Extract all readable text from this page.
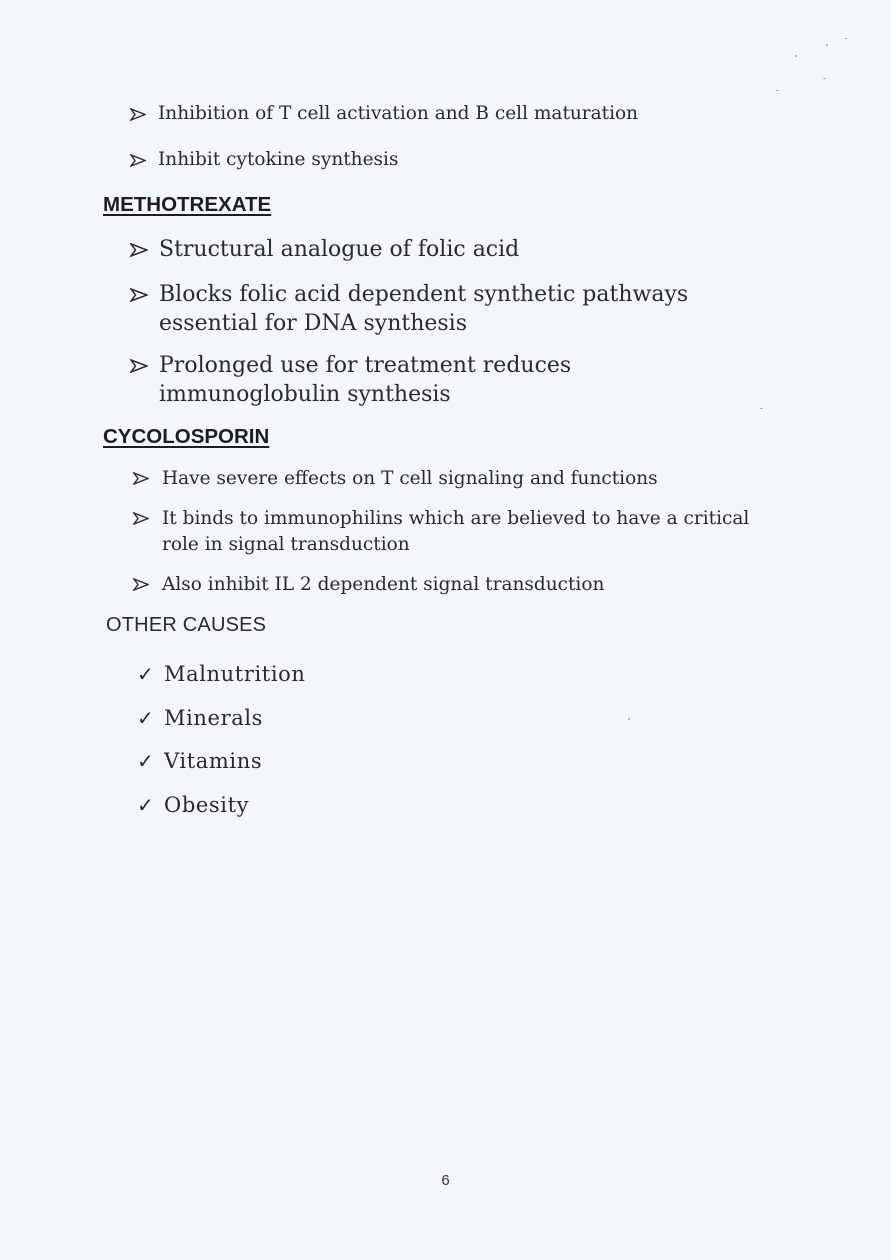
Inhibition of T cell activation and B cell maturation
Inhibit cytokine synthesis
METHOTREXATE
Structural analogue of folic acid
Blocks folic acid dependent synthetic pathways essential for DNA synthesis
Prolonged use for treatment reduces immunoglobulin synthesis
CYCOLOSPORIN
Have severe effects on T cell signaling and functions
It binds to immunophilins which are believed to have a critical role in signal transduction
Also inhibit IL 2 dependent signal transduction
OTHER CAUSES
✓ Malnutrition
✓ Minerals
✓ Vitamins
✓ Obesity
6
